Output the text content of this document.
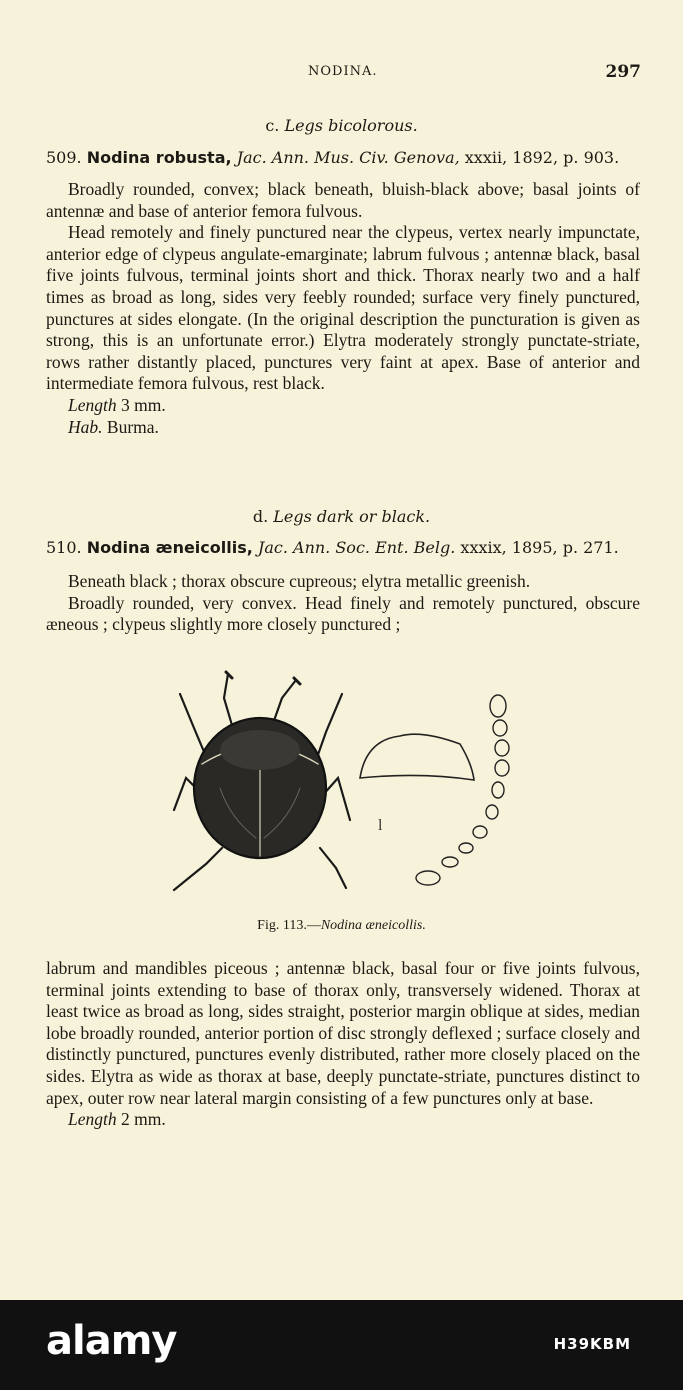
NODINA.	297
c. Legs bicolorous.
509. Nodina robusta, Jac. Ann. Mus. Civ. Genova, xxxii, 1892, p. 903.

Broadly rounded, convex; black beneath, bluish-black above; basal joints of antennæ and base of anterior femora fulvous.

Head remotely and finely punctured near the clypeus, vertex nearly impunctate, anterior edge of clypeus angulate-emarginate; labrum fulvous ; antennæ black, basal five joints fulvous, terminal joints short and thick. Thorax nearly two and a half times as broad as long, sides very feebly rounded; surface very finely punctured, punctures at sides elongate. (In the original description the puncturation is given as strong, this is an unfortunate error.) Elytra moderately strongly punctate-striate, rows rather distantly placed, punctures very faint at apex. Base of anterior and intermediate femora fulvous, rest black.

Length 3 mm.
Hab. Burma.
d. Legs dark or black.
510. Nodina æneicollis, Jac. Ann. Soc. Ent. Belg. xxxix, 1895, p. 271.

Beneath black ; thorax obscure cupreous; elytra metallic greenish.

Broadly rounded, very convex. Head finely and remotely punctured, obscure æneous ; clypeus slightly more closely punctured ;

l
Fig. 113.—Nodina æneicollis.

labrum and mandibles piceous ; antennæ black, basal four or five joints fulvous, terminal joints extending to base of thorax only, transversely widened. Thorax at least twice as broad as long, sides straight, posterior margin oblique at sides, median lobe broadly rounded, anterior portion of disc strongly deflexed ; surface closely and distinctly punctured, punctures evenly distributed, rather more closely placed on the sides. Elytra as wide as thorax at base, deeply punctate-striate, punctures distinct to apex, outer row near lateral margin consisting of a few punctures only at base.

Length 2 mm.
alamy	H39KBM
